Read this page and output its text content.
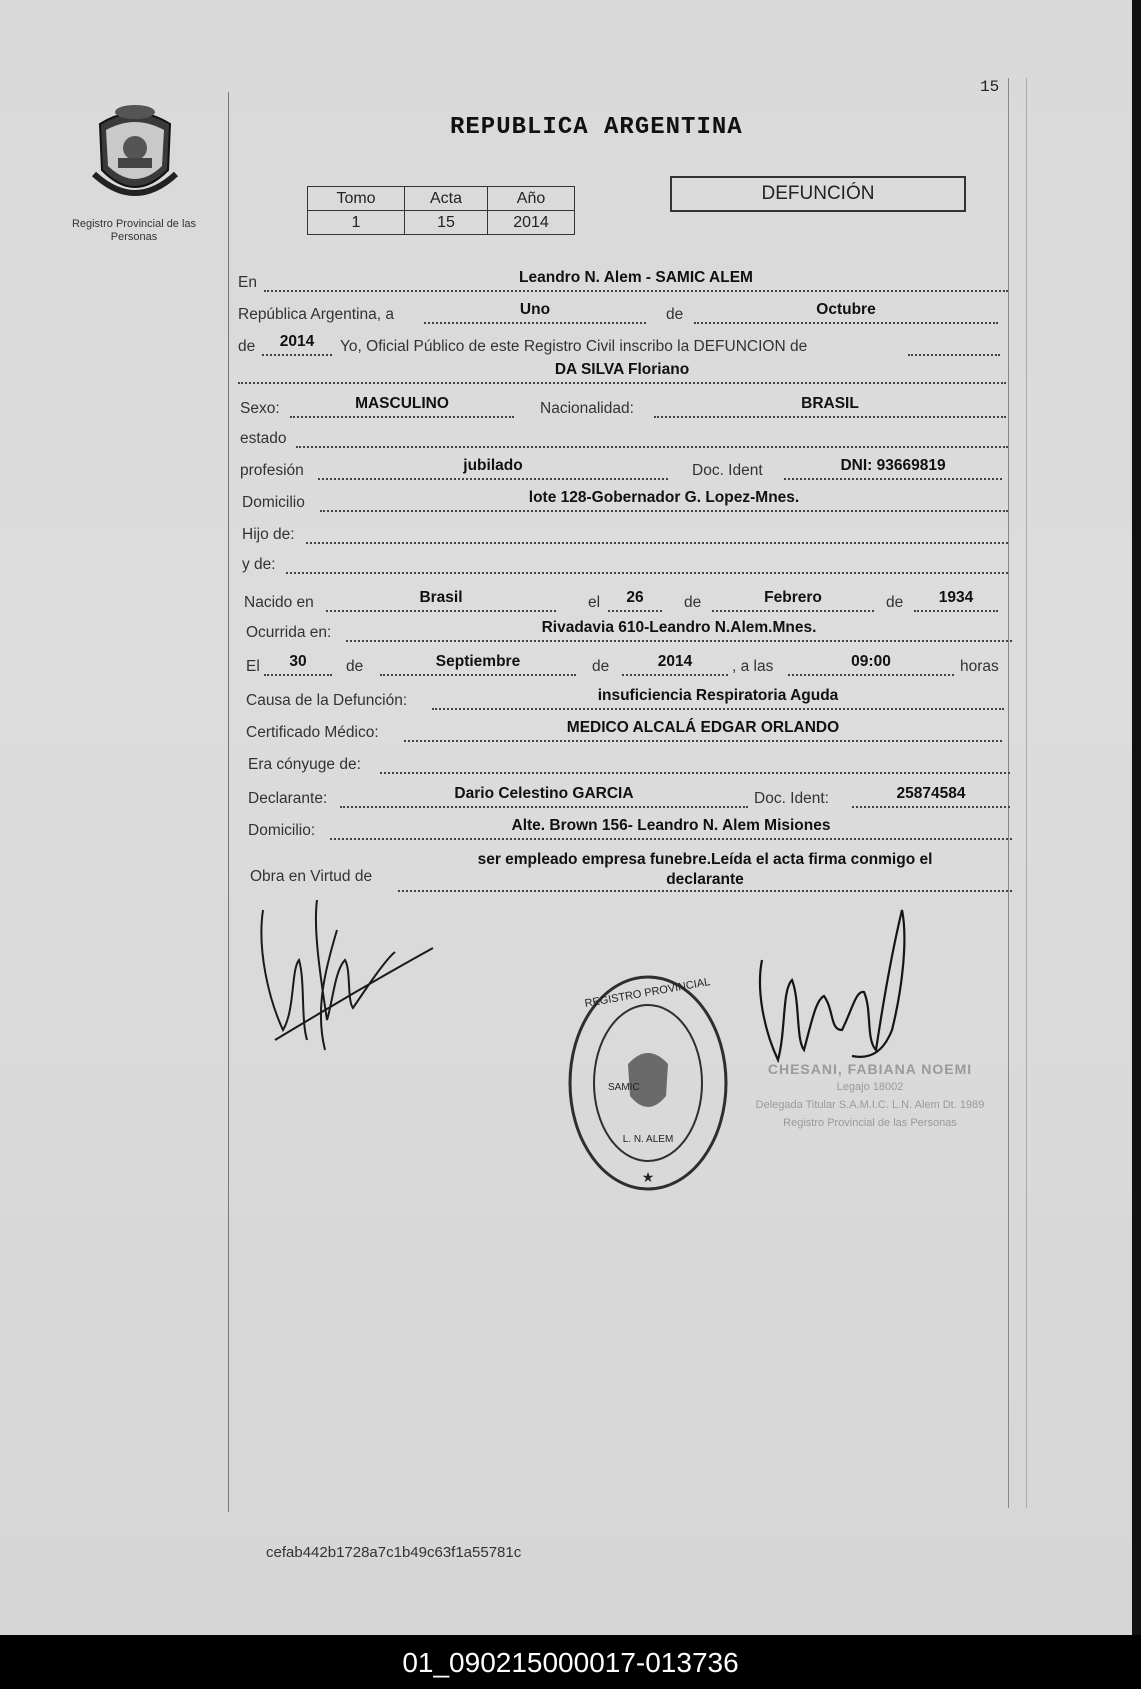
15
Registro Provincial de las Personas
REPUBLICA ARGENTINA
Tomo	Acta	Año
1	15	2014
DEFUNCIÓN
En	Leandro N. Alem - SAMIC ALEM
República Argentina, a	Uno	de	Octubre
de	2014	Yo, Oficial Público de este Registro Civil inscribo la DEFUNCION de
DA SILVA Floriano
Sexo:	MASCULINO	Nacionalidad:	BRASIL
estado
profesión	jubilado	Doc. Ident	DNI: 93669819
Domicilio	lote 128-Gobernador G. Lopez-Mnes.
Hijo de:
y de:
Nacido en	Brasil	el	26	de	Febrero	de	1934
Ocurrida en:	Rivadavia 610-Leandro N.Alem.Mnes.
El	30	de	Septiembre	de	2014	, a las	09:00	horas
Causa de la Defunción:	insuficiencia Respiratoria Aguda
Certificado Médico:	MEDICO ALCALÁ EDGAR ORLANDO
Era cónyuge de:
Declarante:	Dario Celestino GARCIA	Doc. Ident:	25874584
Domicilio:	Alte. Brown 156- Leandro N. Alem Misiones
Obra en Virtud de
ser empleado empresa funebre.Leída el acta firma conmigo el
declarante
REGISTRO PROVINCIAL
SAMIC
L. N. ALEM
★
CHESANI, FABIANA NOEMI
Legajo 18002
Delegada Titular S.A.M.I.C. L.N. Alem Dt. 1989
Registro Provincial de las Personas
cefab442b1728a7c1b49c63f1a55781c
01_090215000017-013736
